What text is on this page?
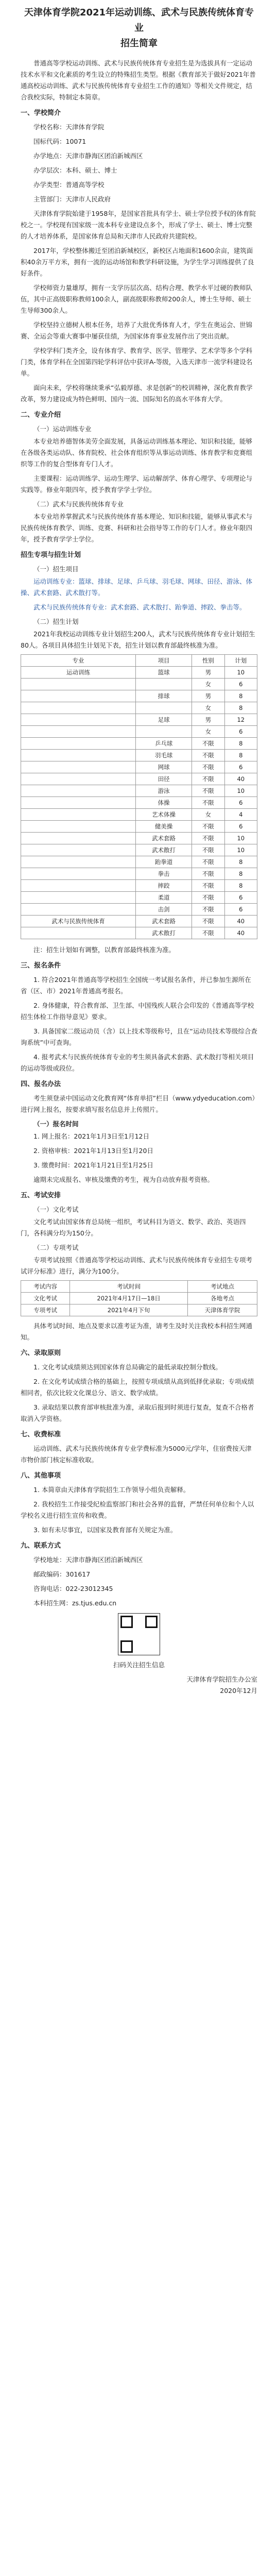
天津体育学院2021年运动训练、武术与民族传统体育专业
招生简章

普通高等学校运动训练、武术与民族传统体育专业招生是为选拔具有一定运动技术水平和文化素质的考生设立的特殊招生类型。根据《教育部关于做好2021年普通高校运动训练、武术与民族传统体育专业招生工作的通知》等相关文件规定，结合我校实际，特制定本简章。

一、学校简介

学校名称：天津体育学院

国标代码：10071

办学地点：天津市静海区团泊新城西区

办学层次：本科、硕士、博士

办学类型：普通高等学校

主管部门：天津市人民政府

天津体育学院始建于1958年，是国家首批具有学士、硕士学位授予权的体育院校之一。学校现有国家级一流本科专业建设点多个，形成了学士、硕士、博士完整的人才培养体系，是国家体育总局和天津市人民政府共建院校。

2017年，学校整体搬迁至团泊新城校区，新校区占地面积1600余亩，建筑面积40余万平方米，拥有一流的运动场馆和教学科研设施，为学生学习训练提供了良好条件。

学校师资力量雄厚，拥有一支学历层次高、结构合理、教学水平过硬的教师队伍，其中正高级职称教师100余人，副高级职称教师200余人，博士生导师、硕士生导师300余人。

学校坚持立德树人根本任务，培养了大批优秀体育人才，学生在奥运会、世锦赛、全运会等重大赛事中屡获佳绩，为国家体育事业发展作出了突出贡献。

学校学科门类齐全，设有体育学、教育学、医学、管理学、艺术学等多个学科门类，体育学科在全国第四轮学科评估中获评A-等级，入选天津市一流学科建设名单。

面向未来，学校将继续秉承“弘毅厚德、求是创新”的校训精神，深化教育教学改革，努力建设成为特色鲜明、国内一流、国际知名的高水平体育大学。

二、专业介绍
（一）运动训练专业

本专业培养德智体美劳全面发展，具备运动训练基本理论、知识和技能，能够在各级各类运动队、体育院校、社会体育组织等从事运动训练、体育教学和竞赛组织等工作的复合型体育专门人才。

主要课程：运动训练学、运动生理学、运动解剖学、体育心理学、专项理论与实践等。修业年限四年，授予教育学学士学位。

（二）武术与民族传统体育专业

本专业培养掌握武术与民族传统体育基本理论、知识和技能，能够从事武术与民族传统体育教学、训练、竞赛、科研和社会指导等工作的专门人才。修业年限四年，授予教育学学士学位。

招生专项与招生计划
（一）招生项目

运动训练专业：篮球、排球、足球、乒乓球、羽毛球、网球、田径、游泳、体操、武术套路、武术散打等。

武术与民族传统体育专业：武术套路、武术散打、跆拳道、摔跤、拳击等。

（二）招生计划

2021年我校运动训练专业计划招生200人，武术与民族传统体育专业计划招生80人。各项目具体招生计划见下表，招生计划以教育部最终核准为准。

专业	项目	性别	计划
运动训练	篮球	男	10
		女	6
	排球	男	8
		女	8
	足球	男	12
		女	6
	乒乓球	不限	8
	羽毛球	不限	8
	网球	不限	6
	田径	不限	40
	游泳	不限	10
	体操	不限	6
	艺术体操	女	4
	健美操	不限	6
	武术套路	不限	10
	武术散打	不限	10
	跆拳道	不限	8
	拳击	不限	8
	摔跤	不限	8
	柔道	不限	6
	击剑	不限	6
武术与民族传统体育	武术套路	不限	40
	武术散打	不限	40

注：招生计划如有调整，以教育部最终核准为准。

三、报名条件

1. 符合2021年普通高等学校招生全国统一考试报名条件，并已参加生源所在省（区、市）2021年普通高考报名。

2. 身体健康，符合教育部、卫生部、中国残疾人联合会印发的《普通高等学校招生体检工作指导意见》要求。

3. 具备国家二级运动员（含）以上技术等级称号，且在“运动员技术等级综合查询系统”中可查询。

4. 报考武术与民族传统体育专业的考生须具备武术套路、武术散打等相关项目的运动等级或段位。

四、报名办法

考生须登录中国运动文化教育网“体育单招”栏目（www.ydyeducation.com）进行网上报名，按要求填写报名信息并上传照片。

（一）报名时间

1. 网上报名：2021年1月3日至1月12日

2. 资格审核：2021年1月13日至1月20日

3. 缴费时间：2021年1月21日至1月25日

逾期未完成报名、审核及缴费的考生，视为自动放弃报考资格。

五、考试安排
（一）文化考试

文化考试由国家体育总局统一组织，考试科目为语文、数学、政治、英语四门，各科满分均为150分。

（二）专项考试

专项考试按照《普通高等学校运动训练、武术与民族传统体育专业招生专项考试评分标准》进行，满分为100分。

考试内容	考试时间	考试地点
文化考试	2021年4月17日—18日	各地考点
专项考试	2021年4月下旬	天津体育学院

具体考试时间、地点及要求以准考证为准，请考生及时关注我校本科招生网通知。

六、录取原则

1. 文化考试成绩须达到国家体育总局确定的最低录取控制分数线。

2. 在文化考试成绩合格的基础上，按照专项成绩从高到低择优录取；专项成绩相同者，依次比较文化课总分、语文、数学成绩。

3. 录取结果以教育部审核批准为准，录取后报到时须进行复查，复查不合格者取消入学资格。

七、收费标准

运动训练、武术与民族传统体育专业学费标准为5000元/学年，住宿费按天津市物价部门核定标准收取。

八、其他事项

1. 本简章由天津体育学院招生工作领导小组负责解释。

2. 我校招生工作接受纪检监察部门和社会各界的监督，严禁任何单位和个人以学校名义进行招生宣传和收费。

3. 如有未尽事宜，以国家及教育部有关规定为准。

九、联系方式

学校地址：天津市静海区团泊新城西区

邮政编码：301617

咨询电话：022-23012345

本科招生网：zs.tjus.edu.cn

扫码关注招生信息

天津体育学院招生办公室
2020年12月
